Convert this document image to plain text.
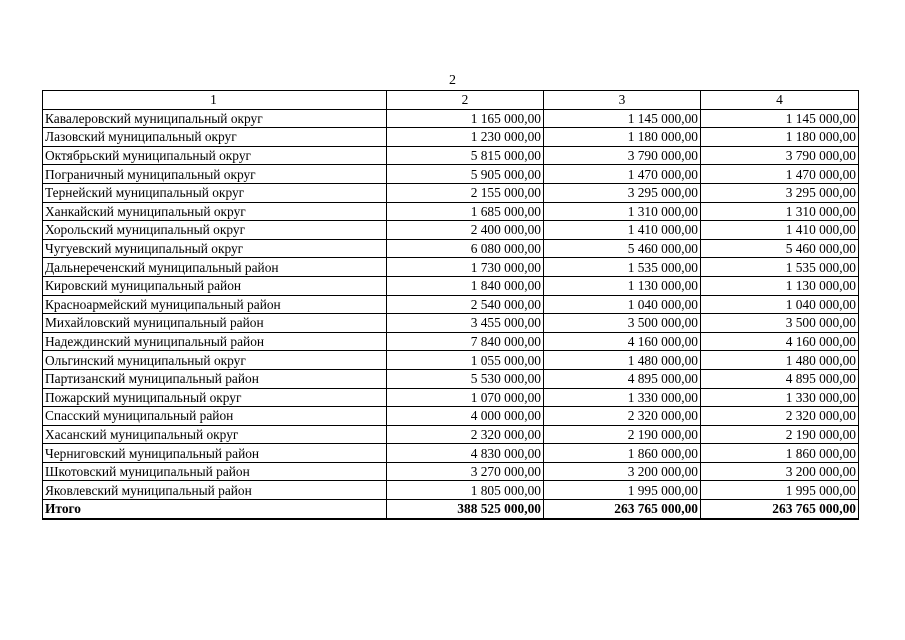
2
1	2	3	4
Кавалеровский муниципальный округ	1 165 000,00	1 145 000,00	1 145 000,00
Лазовский муниципальный округ	1 230 000,00	1 180 000,00	1 180 000,00
Октябрьский муниципальный округ	5 815 000,00	3 790 000,00	3 790 000,00
Пограничный муниципальный округ	5 905 000,00	1 470 000,00	1 470 000,00
Тернейский муниципальный округ	2 155 000,00	3 295 000,00	3 295 000,00
Ханкайский муниципальный округ	1 685 000,00	1 310 000,00	1 310 000,00
Хорольский муниципальный округ	2 400 000,00	1 410 000,00	1 410 000,00
Чугуевский муниципальный округ	6 080 000,00	5 460 000,00	5 460 000,00
Дальнереченский муниципальный район	1 730 000,00	1 535 000,00	1 535 000,00
Кировский муниципальный район	1 840 000,00	1 130 000,00	1 130 000,00
Красноармейский муниципальный район	2 540 000,00	1 040 000,00	1 040 000,00
Михайловский муниципальный район	3 455 000,00	3 500 000,00	3 500 000,00
Надеждинский муниципальный район	7 840 000,00	4 160 000,00	4 160 000,00
Ольгинский муниципальный округ	1 055 000,00	1 480 000,00	1 480 000,00
Партизанский муниципальный район	5 530 000,00	4 895 000,00	4 895 000,00
Пожарский муниципальный округ	1 070 000,00	1 330 000,00	1 330 000,00
Спасский муниципальный район	4 000 000,00	2 320 000,00	2 320 000,00
Хасанский муниципальный округ	2 320 000,00	2 190 000,00	2 190 000,00
Черниговский муниципальный район	4 830 000,00	1 860 000,00	1 860 000,00
Шкотовский муниципальный район	3 270 000,00	3 200 000,00	3 200 000,00
Яковлевский муниципальный район	1 805 000,00	1 995 000,00	1 995 000,00
Итого	388 525 000,00	263 765 000,00	263 765 000,00
